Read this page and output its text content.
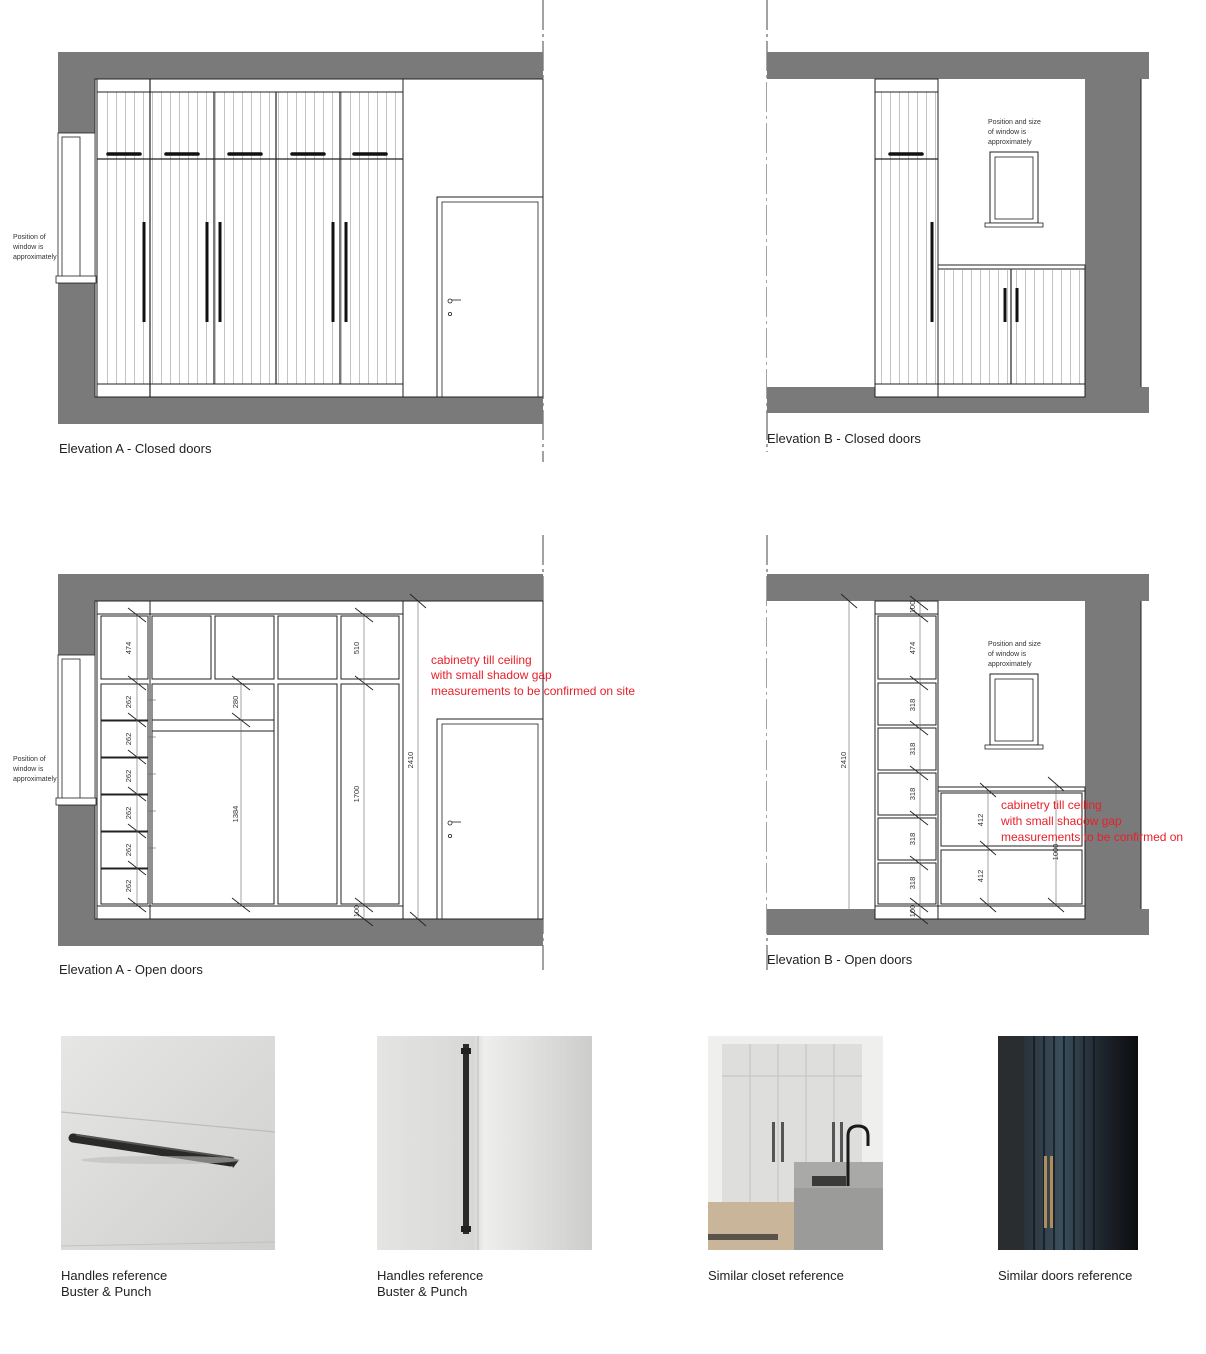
Position of window is approximately
Position and size of window is approximately
Position of window is approximately
474
262
262
262
262
262
262
280
1384
510
1700
100
2410
cabinetry till ceiling with small shadow gap measurements to be confirmed on site
2410
100
474
318
318
318
318
318
100
Position and size of window is approximately
412
412
1000
cabinetry till ceiling with small shadow gap measurements to be confirmed on
Elevation A - Closed doors
Elevation B - Closed doors
Elevation A - Open doors
Elevation B - Open doors
Handles reference
Buster & Punch
Handles reference
Buster & Punch
Similar closet reference	Similar doors reference
